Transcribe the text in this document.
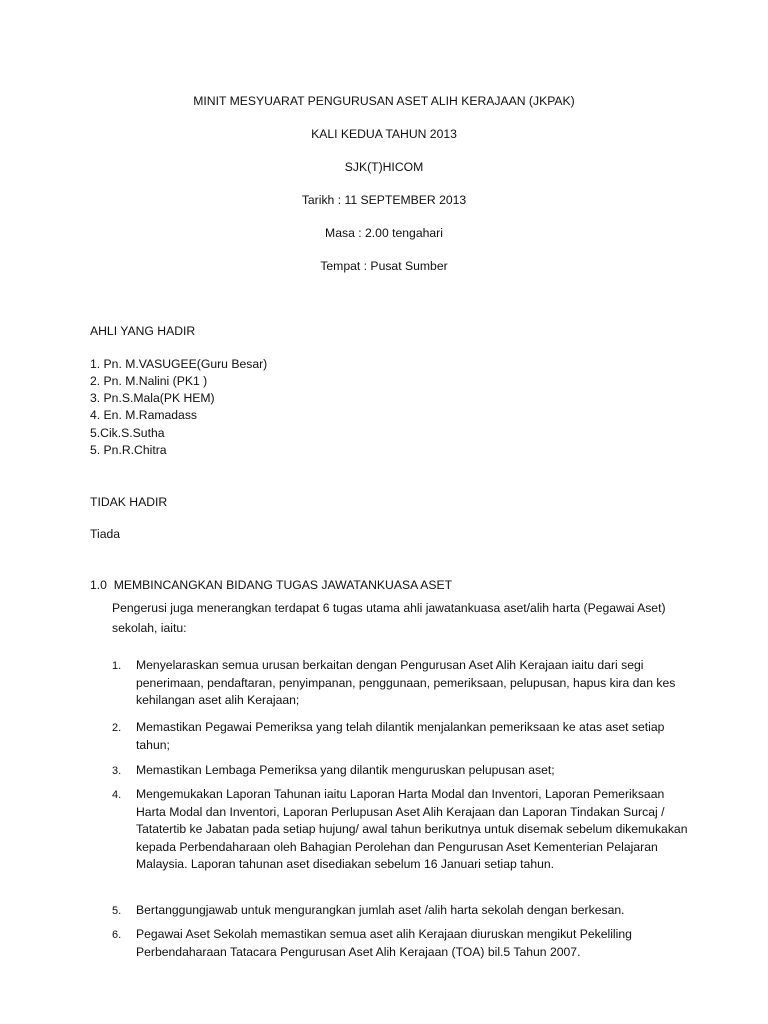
MINIT MESYUARAT PENGURUSAN ASET ALIH KERAJAAN (JKPAK)
KALI KEDUA TAHUN 2013
SJK(T)HICOM
Tarikh : 11 SEPTEMBER 2013
Masa : 2.00 tengahari
Tempat : Pusat Sumber
AHLI YANG HADIR
1. Pn. M.VASUGEE(Guru Besar)
2. Pn. M.Nalini (PK1 )
3. Pn.S.Mala(PK HEM)
4. En. M.Ramadass
5.Cik.S.Sutha
5. Pn.R.Chitra
TIDAK HADIR
Tiada
1.0  MEMBINCANGKAN BIDANG TUGAS JAWATANKUASA ASET
Pengerusi juga menerangkan terdapat 6 tugas utama ahli jawatankuasa aset/alih harta (Pegawai Aset) sekolah, iaitu:
1. Menyelaraskan semua urusan berkaitan dengan Pengurusan Aset Alih Kerajaan iaitu dari segi penerimaan, pendaftaran, penyimpanan, penggunaan, pemeriksaan, pelupusan, hapus kira dan kes kehilangan aset alih Kerajaan;
2. Memastikan Pegawai Pemeriksa yang telah dilantik menjalankan pemeriksaan ke atas aset setiap tahun;
3. Memastikan Lembaga Pemeriksa yang dilantik menguruskan pelupusan aset;
4. Mengemukakan Laporan Tahunan iaitu Laporan Harta Modal dan Inventori, Laporan Pemeriksaan Harta Modal dan Inventori, Laporan Perlupusan Aset Alih Kerajaan dan Laporan Tindakan Surcaj / Tatatertib ke Jabatan pada setiap hujung/ awal tahun berikutnya untuk disemak sebelum dikemukakan kepada Perbendaharaan oleh Bahagian Perolehan dan Pengurusan Aset Kementerian Pelajaran Malaysia. Laporan tahunan aset disediakan sebelum 16 Januari setiap tahun.
5. Bertanggungjawab untuk mengurangkan jumlah aset /alih harta sekolah dengan berkesan.
6. Pegawai Aset Sekolah memastikan semua aset alih Kerajaan diuruskan mengikut Pekeliling Perbendaharaan Tatacara Pengurusan Aset Alih Kerajaan (TOA) bil.5 Tahun 2007.
